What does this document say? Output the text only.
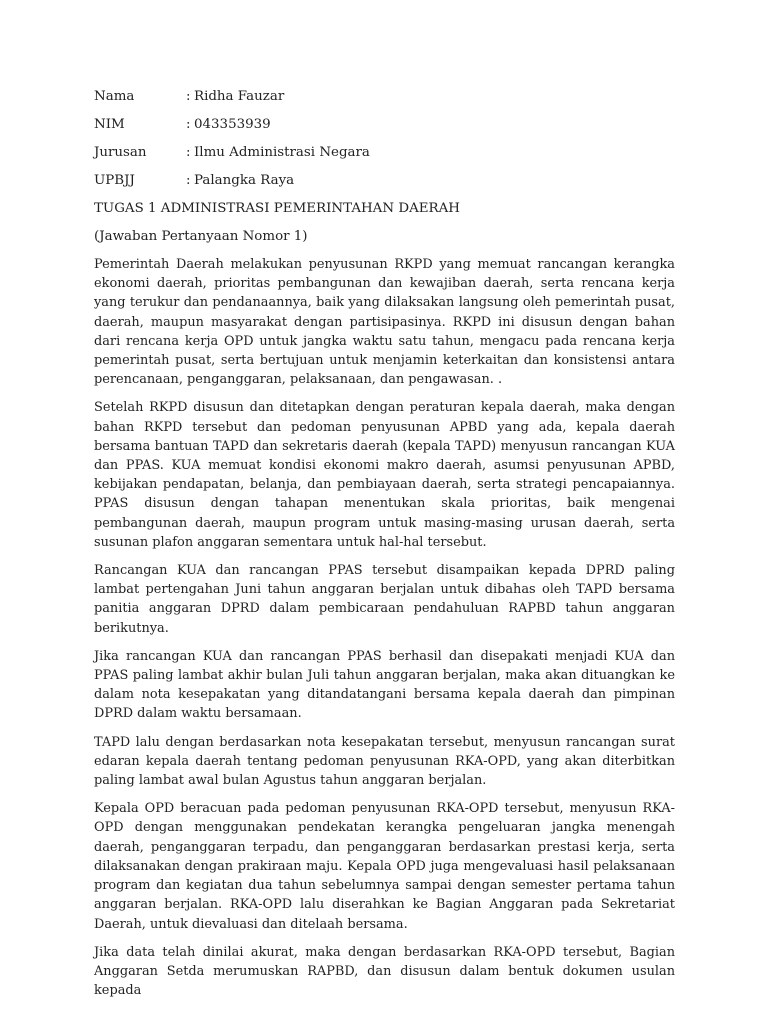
Nama	: Ridha Fauzar
NIM	: 043353939
Jurusan	: Ilmu Administrasi Negara
UPBJJ	: Palangka Raya

TUGAS 1 ADMINISTRASI PEMERINTAHAN DAERAH

(Jawaban Pertanyaan Nomor 1)

Pemerintah Daerah melakukan penyusunan RKPD yang memuat rancangan kerangka ekonomi daerah, prioritas pembangunan dan kewajiban daerah, serta rencana kerja yang terukur dan pendanaannya, baik yang dilaksakan langsung oleh pemerintah pusat, daerah, maupun masyarakat dengan partisipasinya. RKPD ini disusun dengan bahan dari rencana kerja OPD untuk jangka waktu satu tahun, mengacu pada rencana kerja pemerintah pusat, serta bertujuan untuk menjamin keterkaitan dan konsistensi antara perencanaan, penganggaran, pelaksanaan, dan pengawasan. .

Setelah RKPD disusun dan ditetapkan dengan peraturan kepala daerah, maka dengan bahan RKPD tersebut dan pedoman penyusunan APBD yang ada, kepala daerah bersama bantuan TAPD dan sekretaris daerah (kepala TAPD) menyusun rancangan KUA dan PPAS. KUA memuat kondisi ekonomi makro daerah, asumsi penyusunan APBD, kebijakan pendapatan, belanja, dan pembiayaan daerah, serta strategi pencapaiannya. PPAS disusun dengan tahapan menentukan skala prioritas, baik mengenai pembangunan daerah, maupun program untuk masing-masing urusan daerah, serta susunan plafon anggaran sementara untuk hal-hal tersebut.

Rancangan KUA dan rancangan PPAS tersebut disampaikan kepada DPRD paling lambat pertengahan Juni tahun anggaran berjalan untuk dibahas oleh TAPD bersama panitia anggaran DPRD dalam pembicaraan pendahuluan RAPBD tahun anggaran berikutnya.

Jika rancangan KUA dan rancangan PPAS berhasil dan disepakati menjadi KUA dan PPAS paling lambat akhir bulan Juli tahun anggaran berjalan, maka akan dituangkan ke dalam nota kesepakatan yang ditandatangani bersama kepala daerah dan pimpinan DPRD dalam waktu bersamaan.

TAPD lalu dengan berdasarkan nota kesepakatan tersebut, menyusun rancangan surat edaran kepala daerah tentang pedoman penyusunan RKA-OPD, yang akan diterbitkan paling lambat awal bulan Agustus tahun anggaran berjalan.

Kepala OPD beracuan pada pedoman penyusunan RKA-OPD tersebut, menyusun RKA-OPD dengan menggunakan pendekatan kerangka pengeluaran jangka menengah daerah, penganggaran terpadu, dan penganggaran berdasarkan prestasi kerja, serta dilaksanakan dengan prakiraan maju. Kepala OPD juga mengevaluasi hasil pelaksanaan program dan kegiatan dua tahun sebelumnya sampai dengan semester pertama tahun anggaran berjalan. RKA-OPD lalu diserahkan ke Bagian Anggaran pada Sekretariat Daerah, untuk dievaluasi dan ditelaah bersama.

Jika data telah dinilai akurat, maka dengan berdasarkan RKA-OPD tersebut, Bagian Anggaran Setda merumuskan RAPBD, dan disusun dalam bentuk dokumen usulan kepada
